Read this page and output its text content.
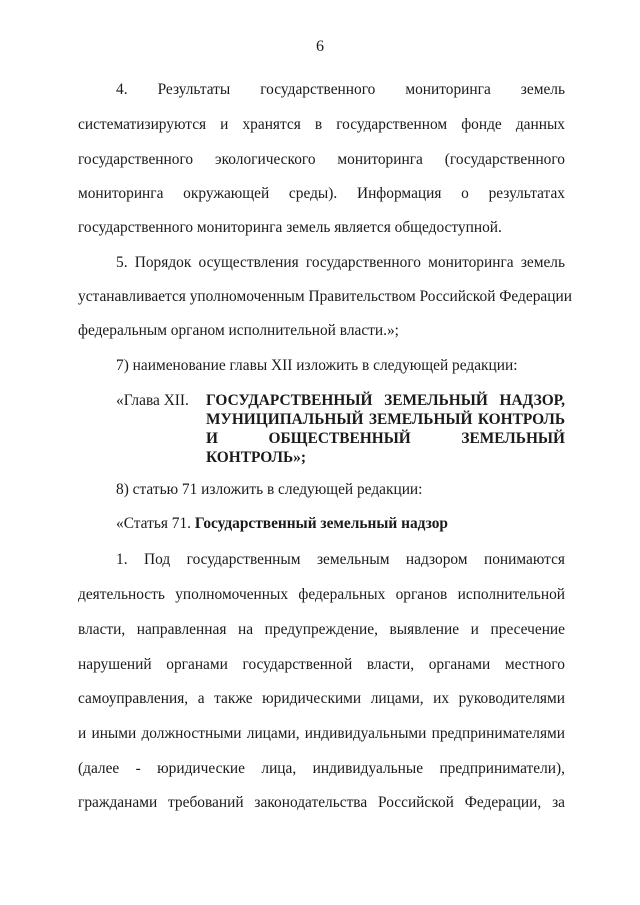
6
4. Результаты государственного мониторинга земель
систематизируются и хранятся в государственном фонде данных
государственного экологического мониторинга (государственного
мониторинга окружающей среды). Информация о результатах
государственного мониторинга земель является общедоступной.
5. Порядок осуществления государственного мониторинга земель
устанавливается уполномоченным Правительством Российской Федерации
федеральным органом исполнительной власти.»;
7) наименование главы XII изложить в следующей редакции:
«Глава XII.	ГОСУДАРСТВЕННЫЙ ЗЕМЕЛЬНЫЙ НАДЗОР,
МУНИЦИПАЛЬНЫЙ ЗЕМЕЛЬНЫЙ КОНТРОЛЬ
И ОБЩЕСТВЕННЫЙ ЗЕМЕЛЬНЫЙ
КОНТРОЛЬ»;
8) статью 71 изложить в следующей редакции:
«Статья 71. Государственный земельный надзор
1. Под государственным земельным надзором понимаются
деятельность уполномоченных федеральных органов исполнительной
власти, направленная на предупреждение, выявление и пресечение
нарушений органами государственной власти, органами местного
самоуправления, а также юридическими лицами, их руководителями
и иными должностными лицами, индивидуальными предпринимателями
(далее - юридические лица, индивидуальные предприниматели),
гражданами требований законодательства Российской Федерации, за
